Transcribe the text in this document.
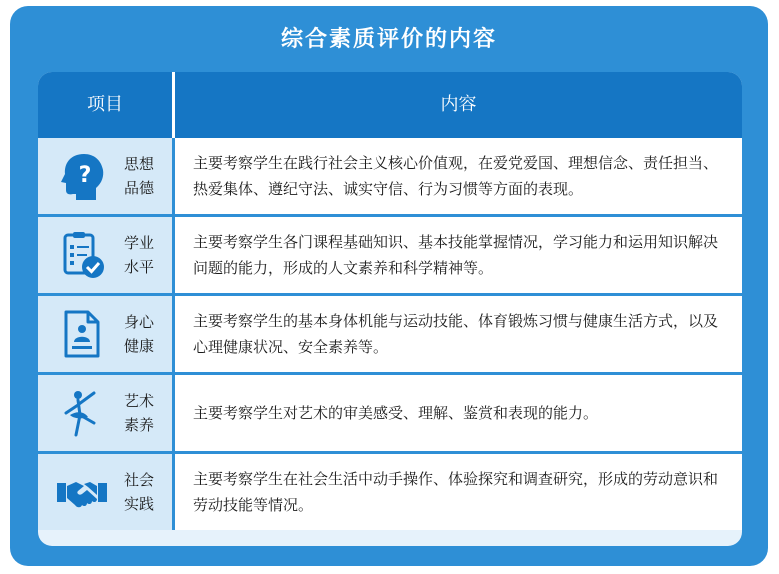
综合素质评价的内容
项目	内容
?	思想
品德
主要考察学生在践行社会主义核心价值观，在爱党爱国、理想信念、责任担当、热爱集体、遵纪守法、诚实守信、行为习惯等方面的表现。
学业
水平
主要考察学生各门课程基础知识、基本技能掌握情况，学习能力和运用知识解决问题的能力，形成的人文素养和科学精神等。
身心
健康
主要考察学生的基本身体机能与运动技能、体育锻炼习惯与健康生活方式，以及心理健康状况、安全素养等。
艺术
素养
主要考察学生对艺术的审美感受、理解、鉴赏和表现的能力。
社会
实践
主要考察学生在社会生活中动手操作、体验探究和调查研究，形成的劳动意识和劳动技能等情况。
